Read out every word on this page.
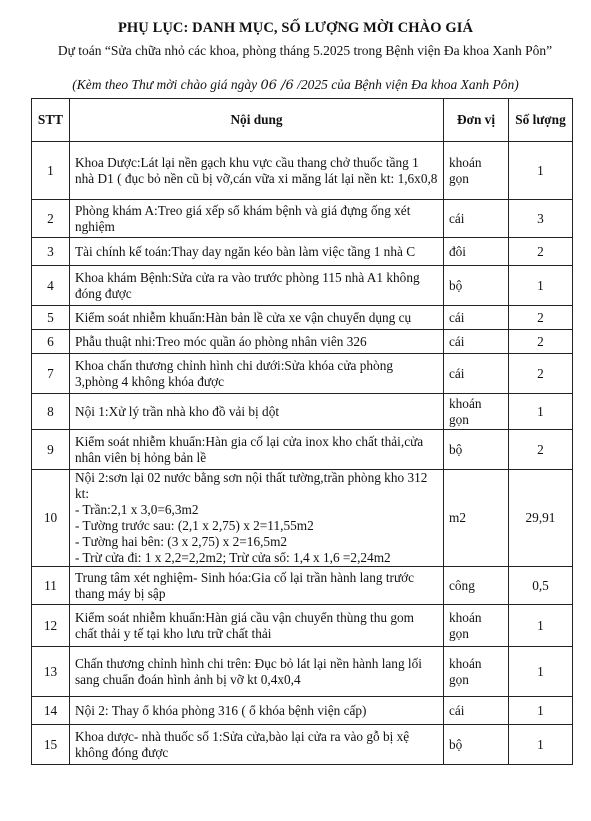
PHỤ LỤC: DANH MỤC, SỐ LƯỢNG MỜI CHÀO GIÁ
Dự toán “Sửa chữa nhỏ các khoa, phòng tháng 5.2025 trong Bệnh viện Đa khoa Xanh Pôn”
(Kèm theo Thư mời chào giá ngày 06 /6 /2025 của Bệnh viện Đa khoa Xanh Pôn)
STT	Nội dung	Đơn vị	Số lượng
1	Khoa Dược:Lát lại nền gạch khu vực cầu thang chở thuốc tầng 1 nhà D1 ( đục bỏ nền cũ bị vỡ,cán vữa xi măng lát lại nền kt: 1,6x0,8	khoán gọn	1
2	Phòng khám A:Treo giá xếp sổ khám bệnh và giá đựng ống xét nghiệm	cái	3
3	Tài chính kế toán:Thay day ngăn kéo bàn làm việc tầng 1 nhà C	đôi	2
4	Khoa khám Bệnh:Sửa cửa ra vào trước phòng 115 nhà A1 không đóng được	bộ	1
5	Kiểm soát nhiễm khuẩn:Hàn bản lề cửa xe vận chuyển dụng cụ	cái	2
6	Phẫu thuật nhi:Treo móc quần áo phòng nhân viên 326	cái	2
7	Khoa chấn thương chỉnh hình chi dưới:Sửa khóa cửa phòng 3,phòng 4 không khóa được	cái	2
8	Nội 1:Xử lý trần nhà kho đồ vải bị dột	khoán gọn	1
9	Kiểm soát nhiễm khuẩn:Hàn gia cố lại cửa inox kho chất thải,cửa nhân viên bị hỏng bản lề	bộ	2
10	Nội 2:sơn lại 02 nước bằng sơn nội thất tường,trần phòng kho 312 kt:
- Trần:2,1 x 3,0=6,3m2
- Tường trước sau: (2,1 x 2,75) x 2=11,55m2
- Tường hai bên: (3 x 2,75) x 2=16,5m2
- Trừ cửa đi: 1 x 2,2=2,2m2; Trừ cửa sổ: 1,4 x 1,6 =2,24m2	m2	29,91
11	Trung tâm xét nghiệm- Sinh hóa:Gia cố lại trần hành lang trước thang máy bị sập	công	0,5
12	Kiểm soát nhiễm khuẩn:Hàn giá cầu vận chuyển thùng thu gom chất thải y tế tại kho lưu trữ chất thải	khoán gọn	1
13	Chấn thương chỉnh hình chi trên: Đục bỏ lát lại nền hành lang lối sang chuẩn đoán hình ảnh bị vỡ kt 0,4x0,4	khoán gọn	1
14	Nội 2: Thay ổ khóa phòng 316 ( ổ khóa bệnh viện cấp)	cái	1
15	Khoa dược- nhà thuốc số 1:Sửa cửa,bào lại cửa ra vào gỗ bị xệ không đóng được	bộ	1
